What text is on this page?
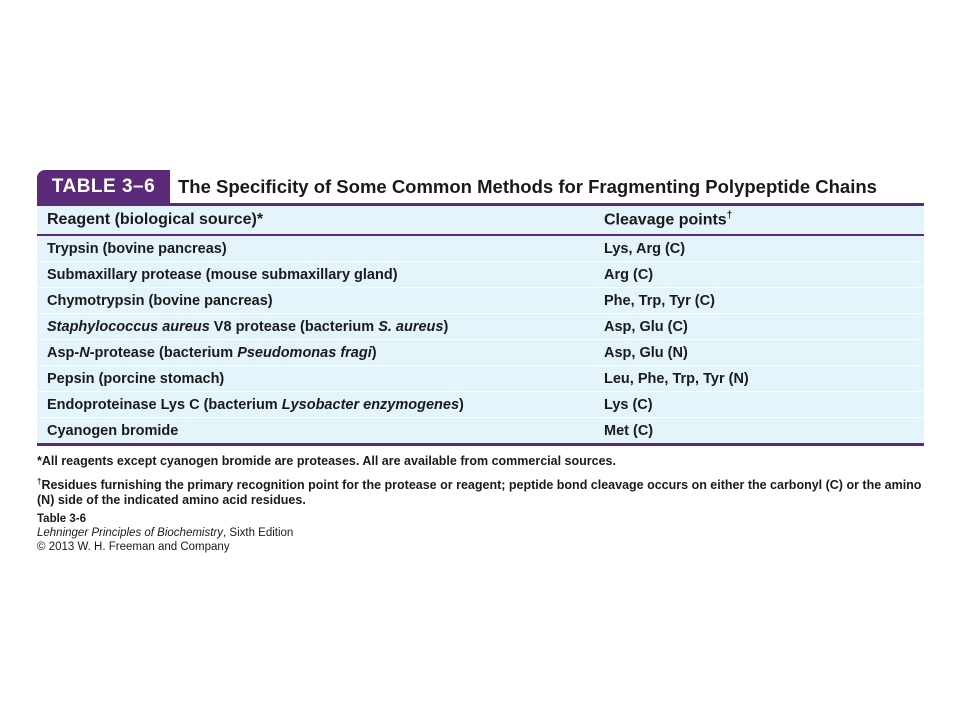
TABLE 3–6	The Specificity of Some Common Methods for Fragmenting Polypeptide Chains
Reagent (biological source)*	Cleavage points†
Trypsin (bovine pancreas)	Lys, Arg (C)
Submaxillary protease (mouse submaxillary gland)	Arg (C)
Chymotrypsin (bovine pancreas)	Phe, Trp, Tyr (C)
Staphylococcus aureus V8 protease (bacterium S. aureus)	Asp, Glu (C)
Asp-N-protease (bacterium Pseudomonas fragi)	Asp, Glu (N)
Pepsin (porcine stomach)	Leu, Phe, Trp, Tyr (N)
Endoproteinase Lys C (bacterium Lysobacter enzymogenes)	Lys (C)
Cyanogen bromide	Met (C)

*All reagents except cyanogen bromide are proteases. All are available from commercial sources.

†Residues furnishing the primary recognition point for the protease or reagent; peptide bond cleavage occurs on either the carbonyl (C) or the amino (N) side of the indicated amino acid residues.

Table 3-6
Lehninger Principles of Biochemistry, Sixth Edition
© 2013 W. H. Freeman and Company
